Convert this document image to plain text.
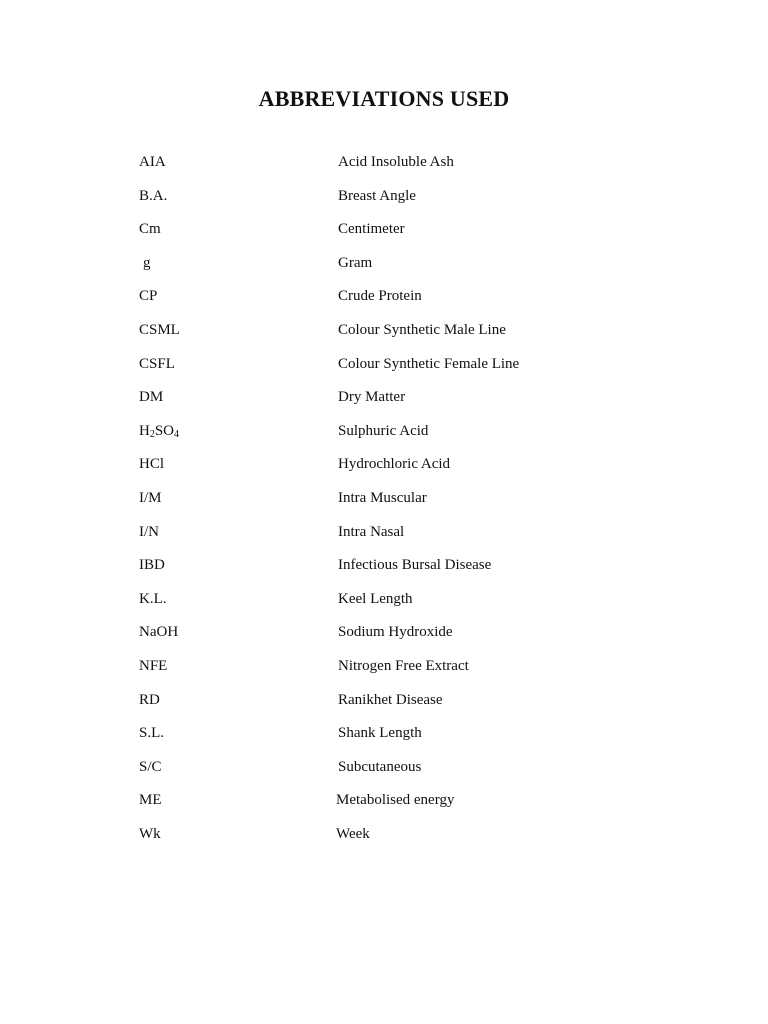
ABBREVIATIONS USED
AIA	Acid Insoluble Ash
B.A.	Breast Angle
Cm	Centimeter
g	Gram
CP	Crude Protein
CSML	Colour Synthetic Male Line
CSFL	Colour Synthetic Female Line
DM	Dry Matter
$H_2SO_4$	Sulphuric Acid
HCl	Hydrochloric Acid
I/M	Intra Muscular
I/N	Intra Nasal
IBD	Infectious Bursal Disease
K.L.	Keel Length
NaOH	Sodium Hydroxide
NFE	Nitrogen Free Extract
RD	Ranikhet Disease
S.L.	Shank Length
S/C	Subcutaneous
ME	Metabolised energy
Wk	Week
